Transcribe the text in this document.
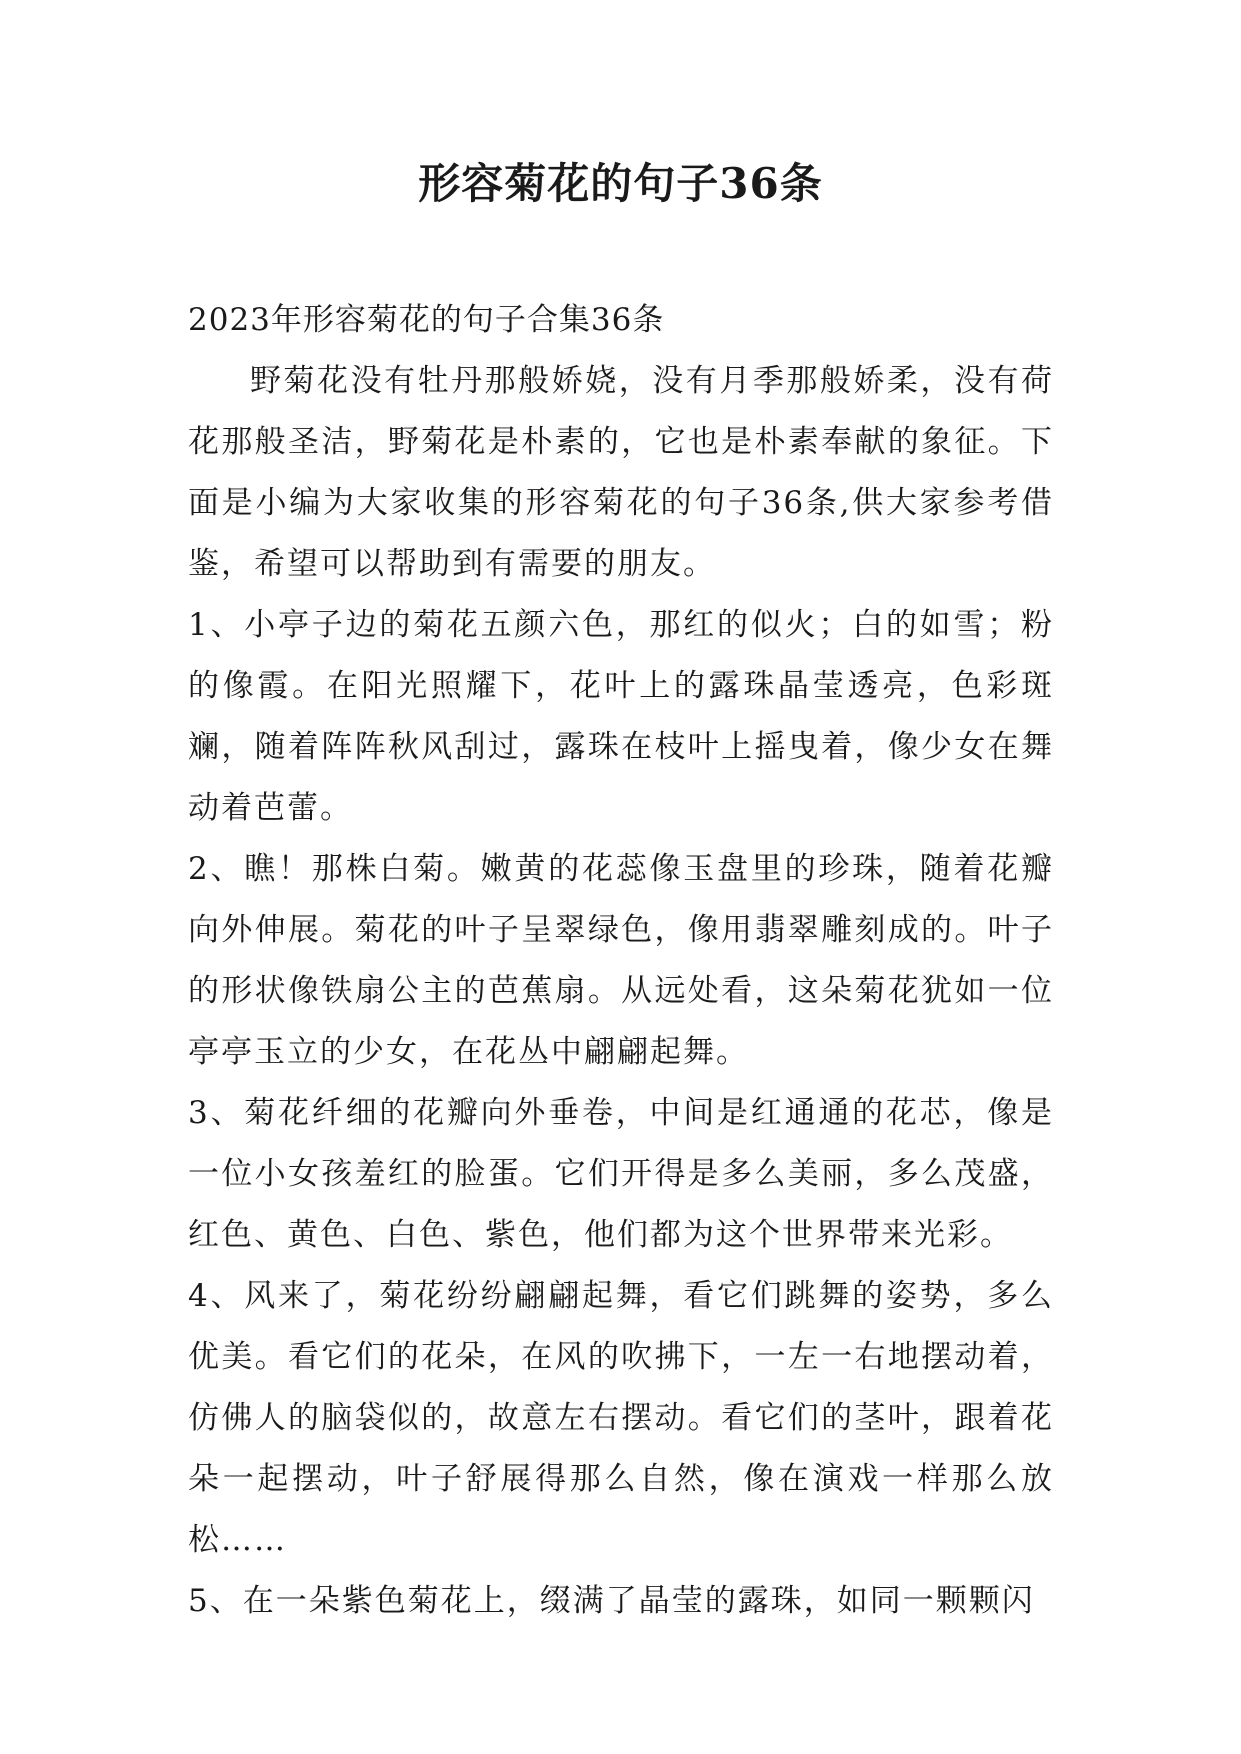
形容菊花的句子36条

2023年形容菊花的句子合集36条

野菊花没有牡丹那般娇娆，没有月季那般娇柔，没有荷花那般圣洁，野菊花是朴素的，它也是朴素奉献的象征。下面是小编为大家收集的形容菊花的句子36条,供大家参考借鉴，希望可以帮助到有需要的朋友。

1、小亭子边的菊花五颜六色，那红的似火；白的如雪；粉的像霞。在阳光照耀下，花叶上的露珠晶莹透亮，色彩斑斓，随着阵阵秋风刮过，露珠在枝叶上摇曳着，像少女在舞动着芭蕾。

2、瞧！那株白菊。嫩黄的花蕊像玉盘里的珍珠，随着花瓣向外伸展。菊花的叶子呈翠绿色，像用翡翠雕刻成的。叶子的形状像铁扇公主的芭蕉扇。从远处看，这朵菊花犹如一位亭亭玉立的少女，在花丛中翩翩起舞。

3、菊花纤细的花瓣向外垂卷，中间是红通通的花芯，像是一位小女孩羞红的脸蛋。它们开得是多么美丽，多么茂盛，红色、黄色、白色、紫色，他们都为这个世界带来光彩。

4、风来了，菊花纷纷翩翩起舞，看它们跳舞的姿势，多么优美。看它们的花朵，在风的吹拂下，一左一右地摆动着，仿佛人的脑袋似的，故意左右摆动。看它们的茎叶，跟着花朵一起摆动，叶子舒展得那么自然，像在演戏一样那么放松……

5、在一朵紫色菊花上，缀满了晶莹的露珠，如同一颗颗闪
